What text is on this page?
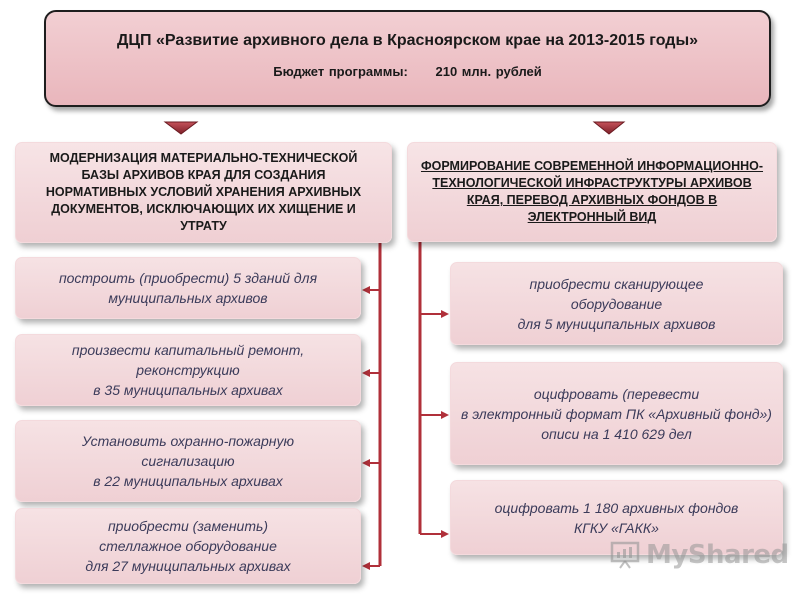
ДЦП «Развитие архивного дела в Красноярском крае на 2013-2015 годы»
Бюджет программы: 210 млн. рублей
МОДЕРНИЗАЦИЯ МАТЕРИАЛЬНО-ТЕХНИЧЕСКОЙ БАЗЫ АРХИВОВ КРАЯ ДЛЯ СОЗДАНИЯ НОРМАТИВНЫХ УСЛОВИЙ ХРАНЕНИЯ АРХИВНЫХ ДОКУМЕНТОВ, ИСКЛЮЧАЮЩИХ ИХ ХИЩЕНИЕ И УТРАТУ
ФОРМИРОВАНИЕ СОВРЕМЕННОЙ ИНФОРМАЦИОННО-ТЕХНОЛОГИЧЕСКОЙ ИНФРАСТРУКТУРЫ АРХИВОВ КРАЯ, ПЕРЕВОД АРХИВНЫХ ФОНДОВ В ЭЛЕКТРОННЫЙ ВИД
построить (приобрести) 5 зданий для
муниципальных архивов
произвести капитальный ремонт,
реконструкцию
в 35 муниципальных архивах
Установить охранно-пожарную
сигнализацию
в 22 муниципальных архивах
приобрести (заменить)
стеллажное оборудование
для 27 муниципальных архивах
приобрести сканирующее
оборудование
для 5 муниципальных архивов
оцифровать (перевести
в электронный формат ПК «Архивный фонд»)
описи на 1 410 629 дел
оцифровать 1 180 архивных фондов
КГКУ «ГАКК»
MyShared
